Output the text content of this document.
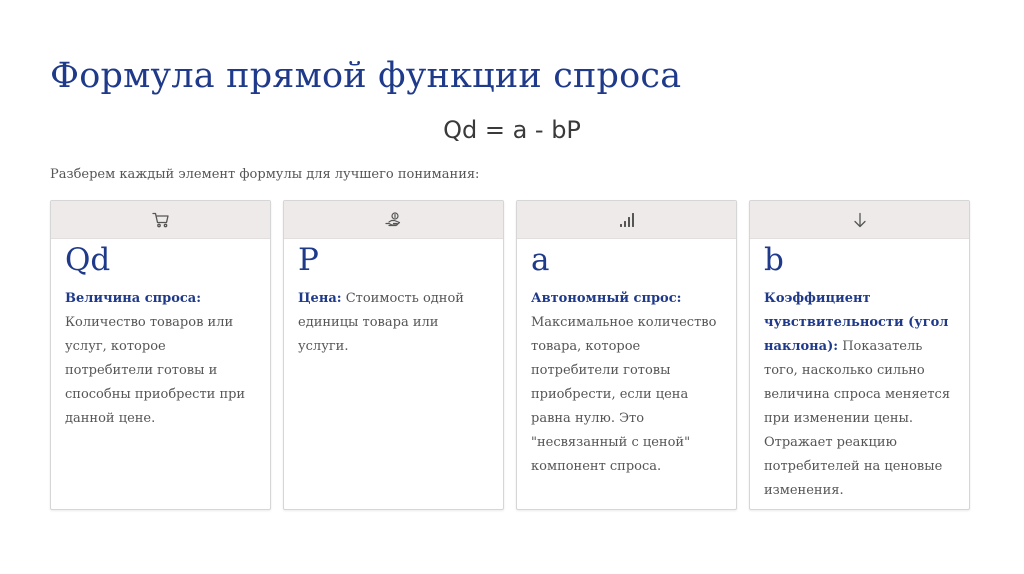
Формула прямой функции спроса
Qd = a - bP
Разберем каждый элемент формулы для лучшего понимания:
Qd
Величина спроса: Количество товаров или услуг, которое потребители готовы и способны приобрести при данной цене.
P
Цена: Стоимость одной единицы товара или услуги.
a
Автономный спрос: Максимальное количество товара, которое потребители готовы приобрести, если цена равна нулю. Это "несвязанный с ценой" компонент спроса.
b
Коэффициент чувствительности (угол наклона): Показатель того, насколько сильно величина спроса меняется при изменении цены. Отражает реакцию потребителей на ценовые изменения.
